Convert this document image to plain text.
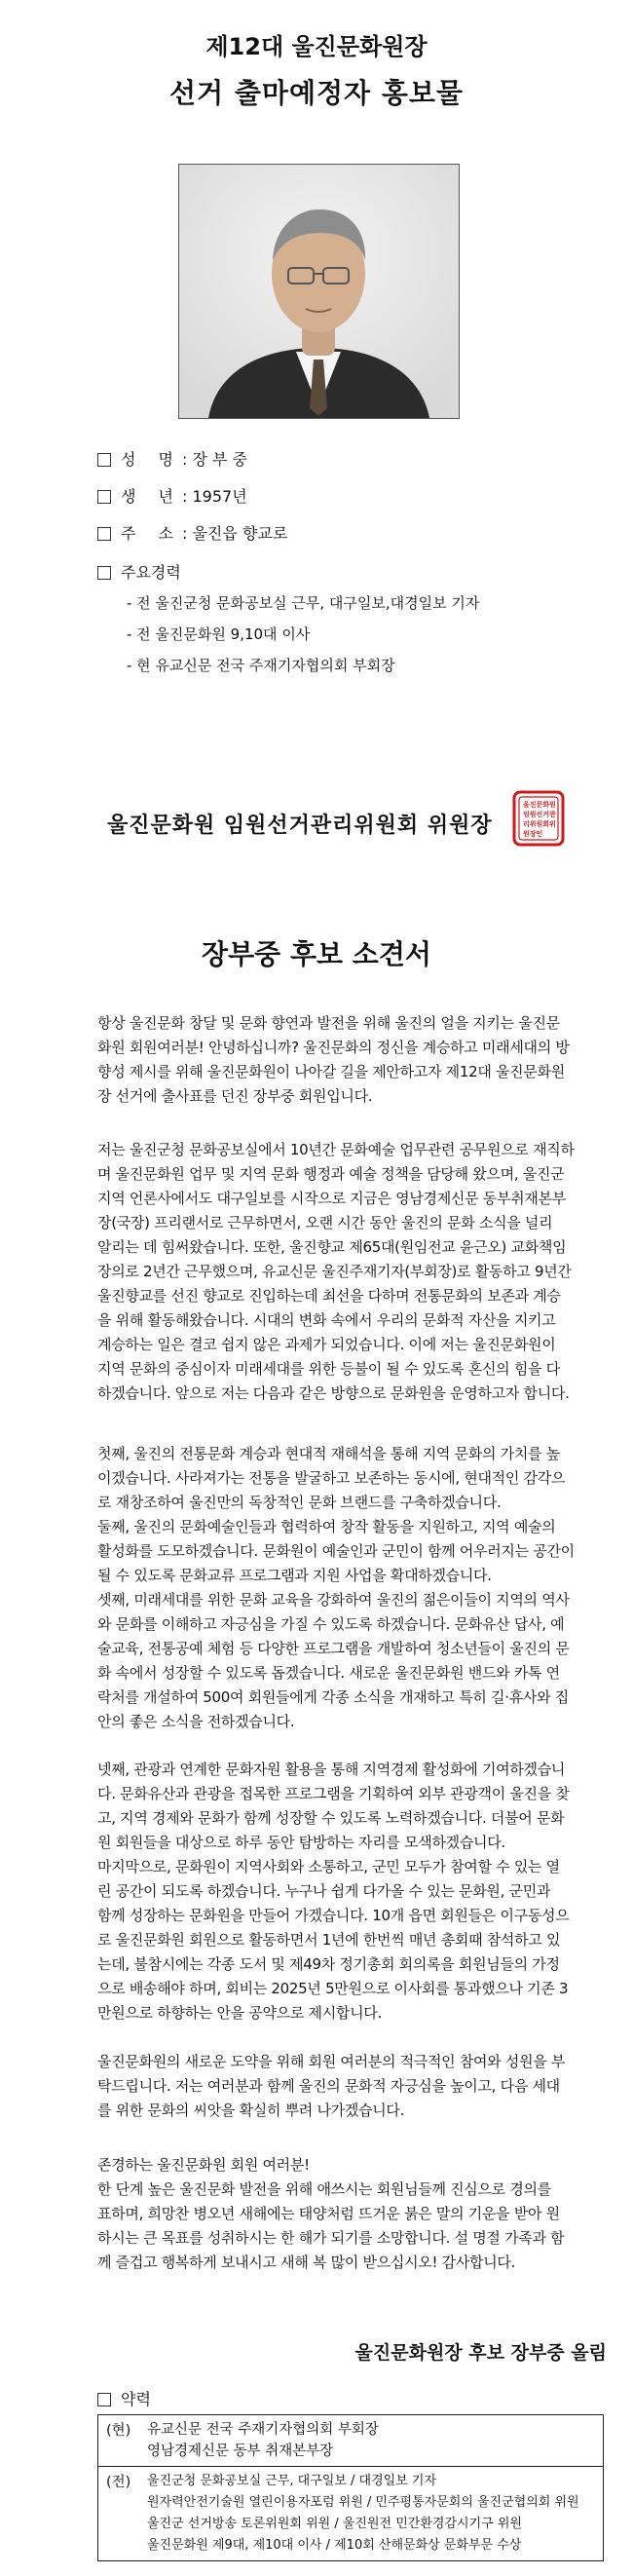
제12대 울진문화원장
선거 출마예정자 홍보물
성 명: 장 부 중
생 년: 1957년
주 소: 울진읍 향교로
주요경력
- 전 울진군청 문화공보실 근무, 대구일보,대경일보 기자
- 전 울진문화원 9,10대 이사
- 현 유교신문 전국 주재기자협의회 부회장
울진문화원 임원선거관리위원회 위원장
울진문화원
임원선거관
리위원회위
원장인
장부중 후보 소견서
항상 울진문화 창달 및 문화 향연과 발전을 위해 울진의 얼을 지키는 울진문
화원 회원여러분! 안녕하십니까? 울진문화의 정신을 계승하고 미래세대의 방
향성 제시를 위해 울진문화원이 나아갈 길을 제안하고자 제12대 울진문화원
장 선거에 출사표를 던진 장부중 회원입니다.
저는 울진군청 문화공보실에서 10년간 문화예술 업무관련 공무원으로 재직하
며 울진문화원 업무 및 지역 문화 행정과 예술 정책을 담당해 왔으며, 울진군
지역 언론사에서도 대구일보를 시작으로 지금은 영남경제신문 동부취재본부
장(국장) 프리랜서로 근무하면서, 오랜 시간 동안 울진의 문화 소식을 널리
알리는 데 힘써왔습니다. 또한, 울진향교 제65대(원임전교 윤근오) 교화책임
장의로 2년간 근무했으며, 유교신문 울진주재기자(부회장)로 활동하고 9년간
울진향교를 선진 향교로 진입하는데 최선을 다하며 전통문화의 보존과 계승
을 위해 활동해왔습니다. 시대의 변화 속에서 우리의 문화적 자산을 지키고
계승하는 일은 결코 쉽지 않은 과제가 되었습니다. 이에 저는 울진문화원이
지역 문화의 중심이자 미래세대를 위한 등불이 될 수 있도록 혼신의 힘을 다
하겠습니다. 앞으로 저는 다음과 같은 방향으로 문화원을 운영하고자 합니다.
첫째, 울진의 전통문화 계승과 현대적 재해석을 통해 지역 문화의 가치를 높
이겠습니다. 사라져가는 전통을 발굴하고 보존하는 동시에, 현대적인 감각으
로 재창조하여 울진만의 독창적인 문화 브랜드를 구축하겠습니다.
둘째, 울진의 문화예술인들과 협력하여 창작 활동을 지원하고, 지역 예술의
활성화를 도모하겠습니다. 문화원이 예술인과 군민이 함께 어우러지는 공간이
될 수 있도록 문화교류 프로그램과 지원 사업을 확대하겠습니다.
셋째, 미래세대를 위한 문화 교육을 강화하여 울진의 젊은이들이 지역의 역사
와 문화를 이해하고 자긍심을 가질 수 있도록 하겠습니다. 문화유산 답사, 예
술교육, 전통공예 체험 등 다양한 프로그램을 개발하여 청소년들이 울진의 문
화 속에서 성장할 수 있도록 돕겠습니다. 새로운 울진문화원 밴드와 카톡 연
락처를 개설하여 500여 회원들에게 각종 소식을 개재하고 특히 길·휴사와 집
안의 좋은 소식을 전하겠습니다.
넷째, 관광과 연계한 문화자원 활용을 통해 지역경제 활성화에 기여하겠습니
다. 문화유산과 관광을 접목한 프로그램을 기획하여 외부 관광객이 울진을 찾
고, 지역 경제와 문화가 함께 성장할 수 있도록 노력하겠습니다. 더불어 문화
원 회원들을 대상으로 하루 동안 탐방하는 자리를 모색하겠습니다.
마지막으로, 문화원이 지역사회와 소통하고, 군민 모두가 참여할 수 있는 열
린 공간이 되도록 하겠습니다. 누구나 쉽게 다가올 수 있는 문화원, 군민과
함께 성장하는 문화원을 만들어 가겠습니다. 10개 읍면 회원들은 이구동성으
로 울진문화원 회원으로 활동하면서 1년에 한번씩 매년 총회때 참석하고 있
는데, 불참시에는 각종 도서 및 제49차 정기총회 회의록을 회원님들의 가정
으로 배송해야 하며, 회비는 2025년 5만원으로 이사회를 통과했으나 기존 3
만원으로 하향하는 안을 공약으로 제시합니다.
울진문화원의 새로운 도약을 위해 회원 여러분의 적극적인 참여와 성원을 부
탁드립니다. 저는 여러분과 함께 울진의 문화적 자긍심을 높이고, 다음 세대
를 위한 문화의 씨앗을 확실히 뿌려 나가겠습니다.
존경하는 울진문화원 회원 여러분!
한 단계 높은 울진문화 발전을 위해 애쓰시는 회원님들께 진심으로 경의를
표하며, 희망찬 병오년 새해에는 태양처럼 뜨거운 붉은 말의 기운을 받아 원
하시는 큰 목표를 성취하시는 한 해가 되기를 소망합니다. 설 명절 가족과 함
께 즐겁고 행복하게 보내시고 새해 복 많이 받으십시오! 감사합니다.
울진문화원장 후보 장부중 올림
약력
(현)	유교신문 전국 주재기자협의회 부회장
영남경제신문 동부 취재본부장
(전)	울진군청 문화공보실 근무, 대구일보 / 대경일보 기자
원자력안전기술원 열린이용자포럼 위원 / 민주평통자문회의 울진군협의회 위원
울진군 선거방송 토론위원회 위원 / 울진원전 민간환경감시기구 위원
울진문화원 제9대, 제10대 이사 / 제10회 산해문화상 문화부문 수상
